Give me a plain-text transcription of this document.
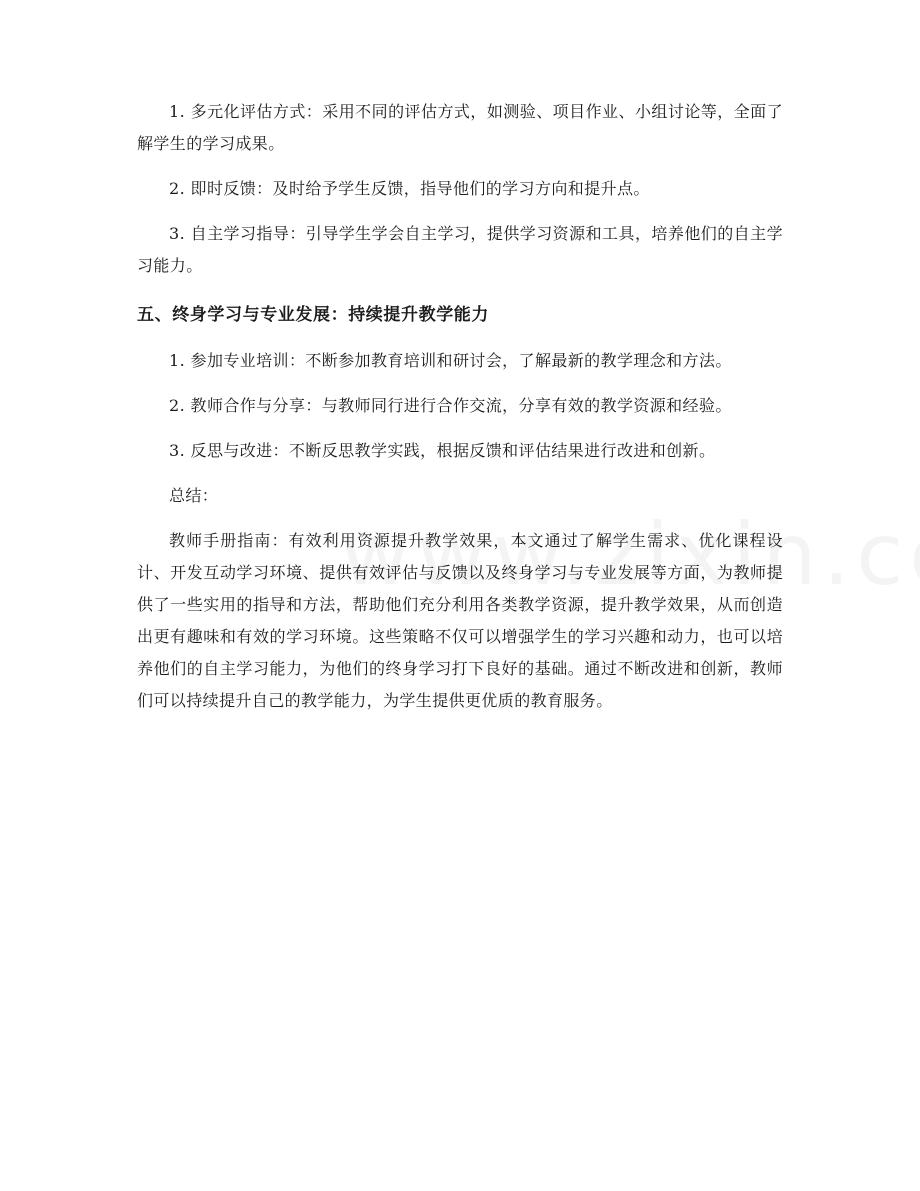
1. 多元化评估方式：采用不同的评估方式，如测验、项目作业、小组讨论等，全面了解学生的学习成果。

2. 即时反馈：及时给予学生反馈，指导他们的学习方向和提升点。

3. 自主学习指导：引导学生学会自主学习，提供学习资源和工具，培养他们的自主学习能力。

五、终身学习与专业发展：持续提升教学能力

1. 参加专业培训：不断参加教育培训和研讨会，了解最新的教学理念和方法。

2. 教师合作与分享：与教师同行进行合作交流，分享有效的教学资源和经验。

3. 反思与改进：不断反思教学实践，根据反馈和评估结果进行改进和创新。

总结：

教师手册指南：有效利用资源提升教学效果，本文通过了解学生需求、优化课程设计、开发互动学习环境、提供有效评估与反馈以及终身学习与专业发展等方面，为教师提供了一些实用的指导和方法，帮助他们充分利用各类教学资源，提升教学效果，从而创造出更有趣味和有效的学习环境。这些策略不仅可以增强学生的学习兴趣和动力，也可以培养他们的自主学习能力，为他们的终身学习打下良好的基础。通过不断改进和创新，教师们可以持续提升自己的教学能力，为学生提供更优质的教育服务。
